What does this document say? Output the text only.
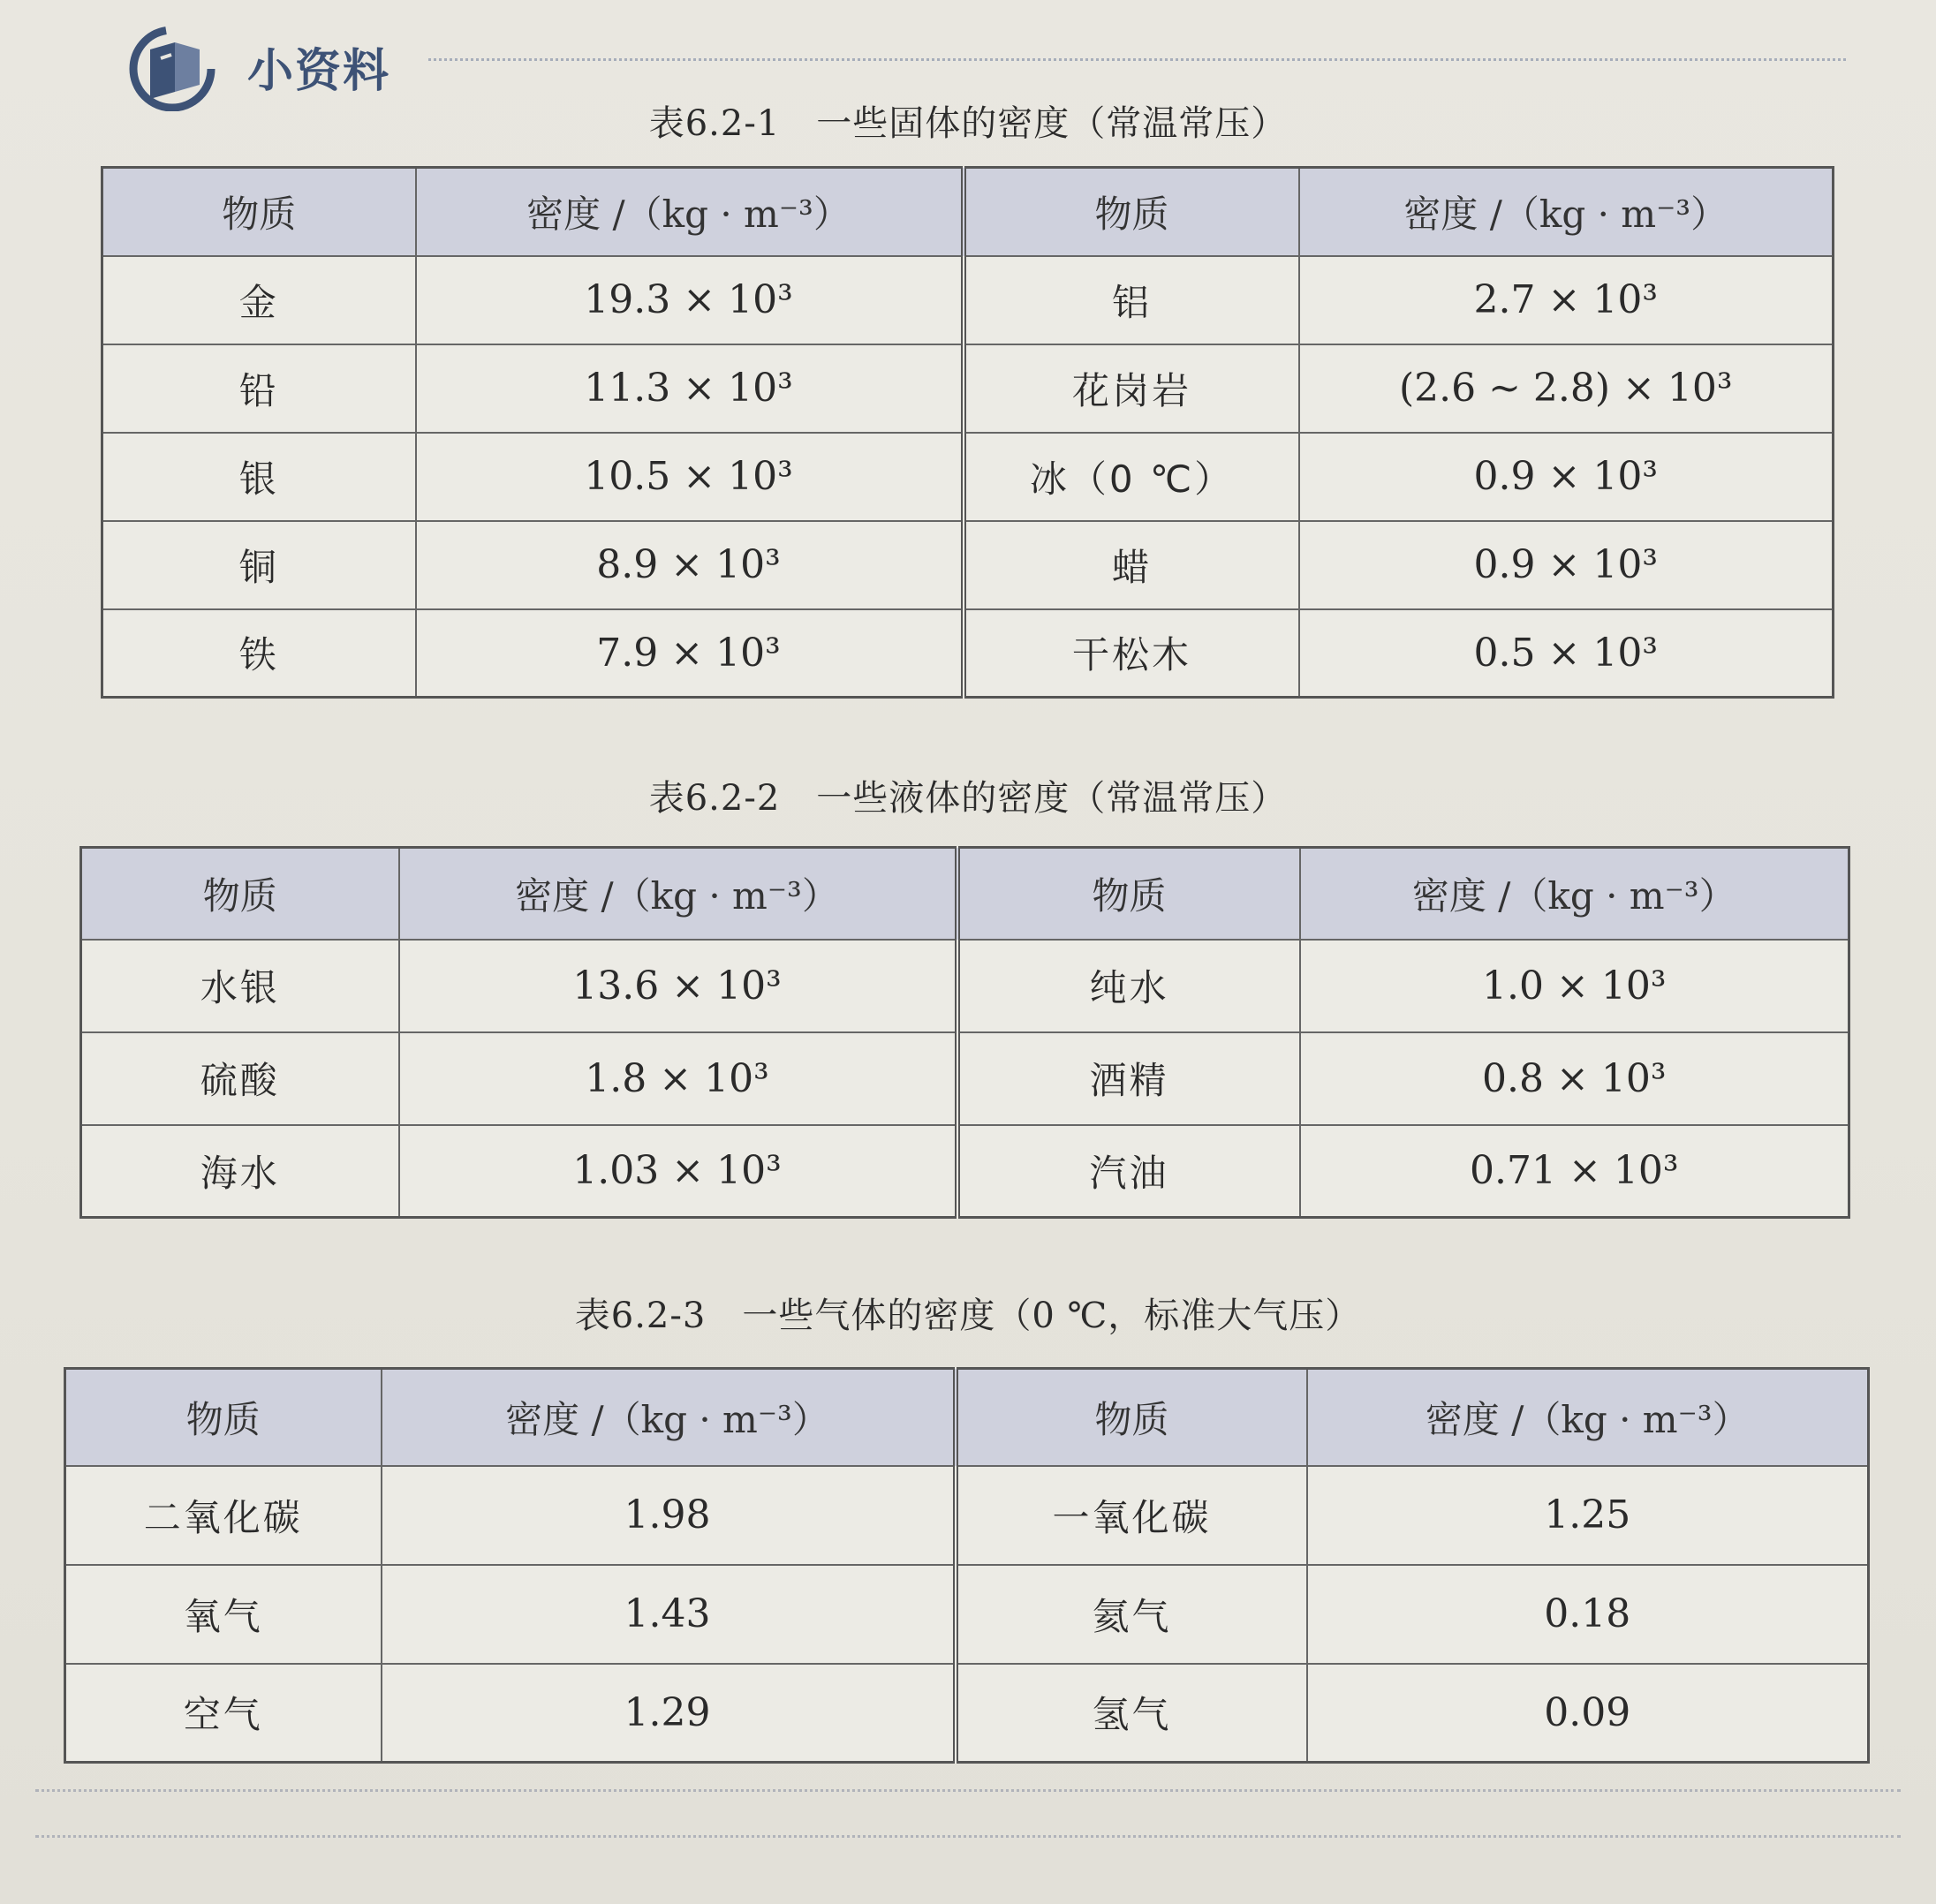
小资料
表6.2-1　一些固体的密度（常温常压）
物质	密度 /（kg · m⁻³）	物质	密度 /（kg · m⁻³）
金	19.3 × 10³	铝	2.7 × 10³
铅	11.3 × 10³	花岗岩	(2.6 ~ 2.8) × 10³
银	10.5 × 10³	冰（0 ℃）	0.9 × 10³
铜	8.9 × 10³	蜡	0.9 × 10³
铁	7.9 × 10³	干松木	0.5 × 10³
表6.2-2　一些液体的密度（常温常压）
物质	密度 /（kg · m⁻³）	物质	密度 /（kg · m⁻³）
水银	13.6 × 10³	纯水	1.0 × 10³
硫酸	1.8 × 10³	酒精	0.8 × 10³
海水	1.03 × 10³	汽油	0.71 × 10³
表6.2-3　一些气体的密度（0 ℃，标准大气压）
物质	密度 /（kg · m⁻³）	物质	密度 /（kg · m⁻³）
二氧化碳	1.98	一氧化碳	1.25
氧气	1.43	氦气	0.18
空气	1.29	氢气	0.09
